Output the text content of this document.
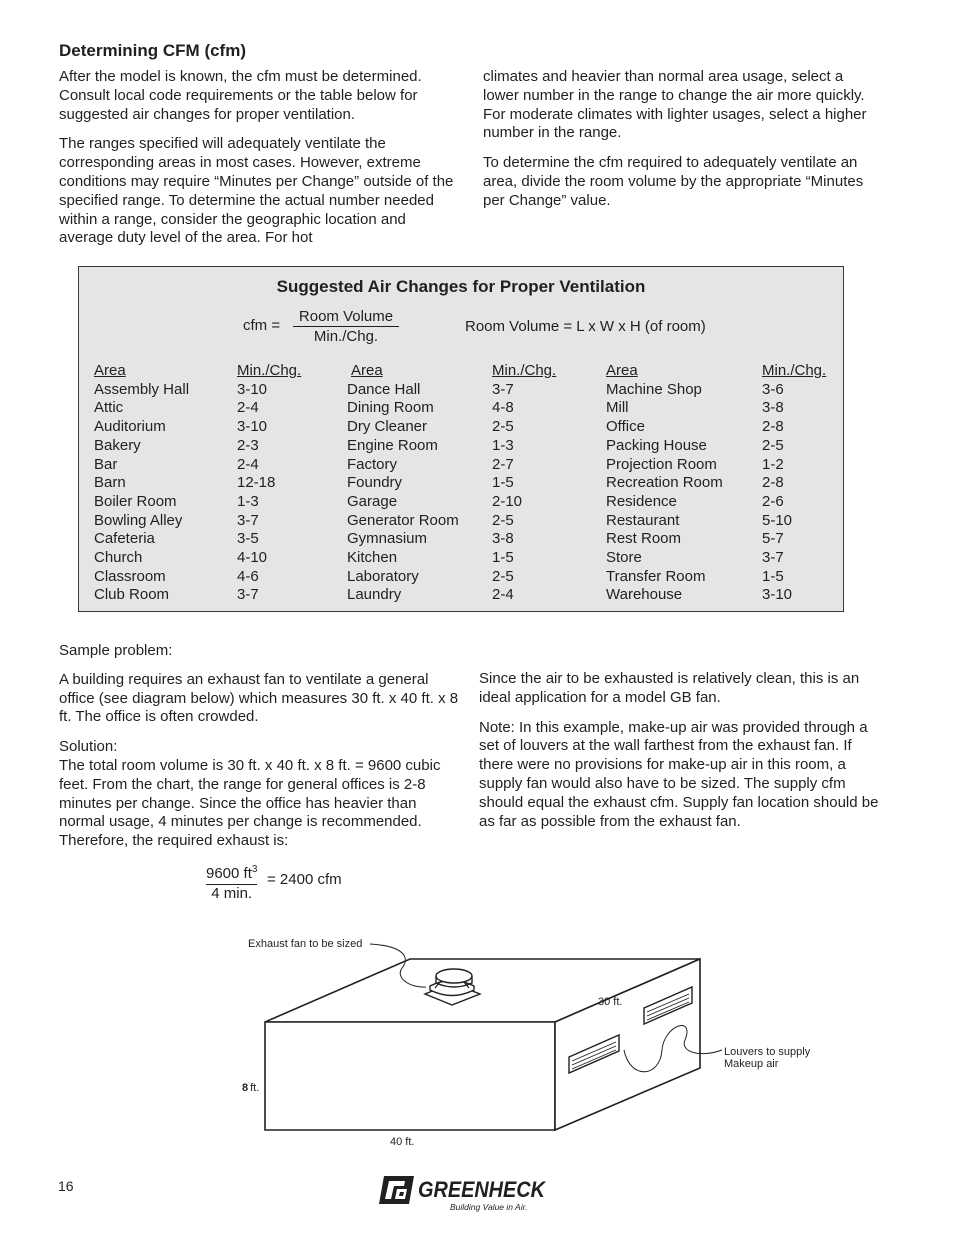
Determining CFM (cfm)

After the model is known, the cfm must be determined. Consult local code requirements or the table below for suggested air changes for proper ventilation.

The ranges specified will adequately ventilate the corresponding areas in most cases. However, extreme conditions may require “Minutes per Change” outside of the specified range. To determine the actual number needed within a range, consider the geographic location and average duty level of the area. For hot

climates and heavier than normal area usage, select a lower number in the range to change the air more quickly. For moderate climates with lighter usages, select a higher number in the range.

To determine the cfm required to adequately ventilate an area, divide the room volume by the appropriate “Minutes per Change” value.

Suggested Air Changes for Proper Ventilation
cfm =
Room Volume
Min./Chg.
Room Volume = L x W x H (of room)
Area
Assembly Hall
Attic
Auditorium
Bakery
Bar
Barn
Boiler Room
Bowling Alley
Cafeteria
Church
Classroom
Club Room
Min./Chg.
3-10
2-4
3-10
2-3
2-4
12-18
1-3
3-7
3-5
4-10
4-6
3-7
Area
Dance Hall
Dining Room
Dry Cleaner
Engine Room
Factory
Foundry
Garage
Generator Room
Gymnasium
Kitchen
Laboratory
Laundry
Min./Chg.
3-7
4-8
2-5
1-3
2-7
1-5
2-10
2-5
3-8
1-5
2-5
2-4
Area
Machine Shop
Mill
Office
Packing House
Projection Room
Recreation Room
Residence
Restaurant
Rest Room
Store
Transfer Room
Warehouse
Min./Chg.
3-6
3-8
2-8
2-5
1-2
2-8
2-6
5-10
5-7
3-7
1-5
3-10

Sample problem:

A building requires an exhaust fan to ventilate a general office (see diagram below) which measures 30 ft. x 40 ft. x 8 ft. The office is often crowded.

Solution:

The total room volume is 30 ft. x 40 ft. x 8 ft. = 9600 cubic feet. From the chart, the range for general offices is 2-8 minutes per change. Since the office has heavier than normal usage, 4 minutes per change is recommended. Therefore, the required exhaust is:

Since the air to be exhausted is relatively clean, this is an ideal application for a model GB fan.

Note: In this example, make-up air was provided through a set of louvers at the wall farthest from the exhaust fan. If there were no provisions for make-up air in this room, a supply fan would also have to be sized. The supply cfm should equal the exhaust cfm. Supply fan location should be as far as possible from the exhaust fan.

9600 $ft^3$
4 min.
= 2400 cfm
Exhaust fan to be sized
30 ft.
Louvers to supply
Makeup air
8 ft.
40 ft.
16	GREENHECK
Building Value in Air.
